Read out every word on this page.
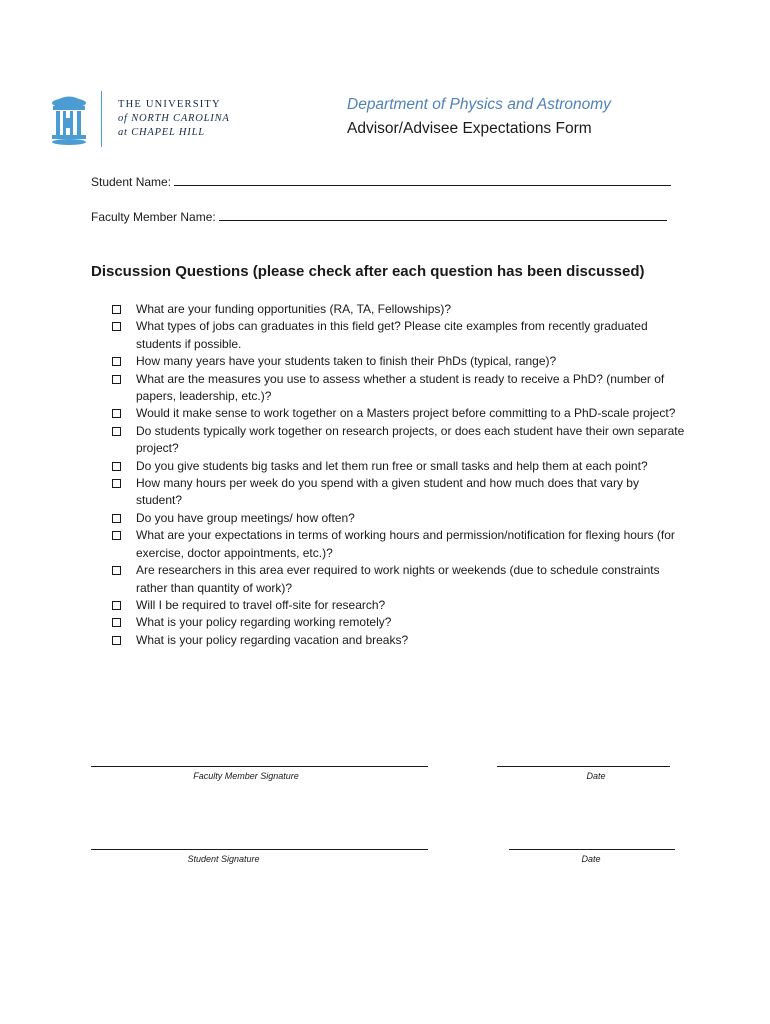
THE UNIVERSITY
of NORTH CAROLINA
at CHAPEL HILL
Department of Physics and Astronomy
Advisor/Advisee Expectations Form
Student Name:
Faculty Member Name:
Discussion Questions (please check after each question has been discussed)
What are your funding opportunities (RA, TA, Fellowships)?
What types of jobs can graduates in this field get? Please cite examples from recently graduated students if possible.
How many years have your students taken to finish their PhDs (typical, range)?
What are the measures you use to assess whether a student is ready to receive a PhD? (number of papers, leadership, etc.)?
Would it make sense to work together on a Masters project before committing to a PhD-scale project?
Do students typically work together on research projects, or does each student have their own separate project?
Do you give students big tasks and let them run free or small tasks and help them at each point?
How many hours per week do you spend with a given student and how much does that vary by student?
Do you have group meetings/ how often?
What are your expectations in terms of working hours and permission/notification for flexing hours (for exercise, doctor appointments, etc.)?
Are researchers in this area ever required to work nights or weekends (due to schedule constraints rather than quantity of work)?
Will I be required to travel off-site for research?
What is your policy regarding working remotely?
What is your policy regarding vacation and breaks?
Faculty Member Signature	Date
Student Signature	Date
